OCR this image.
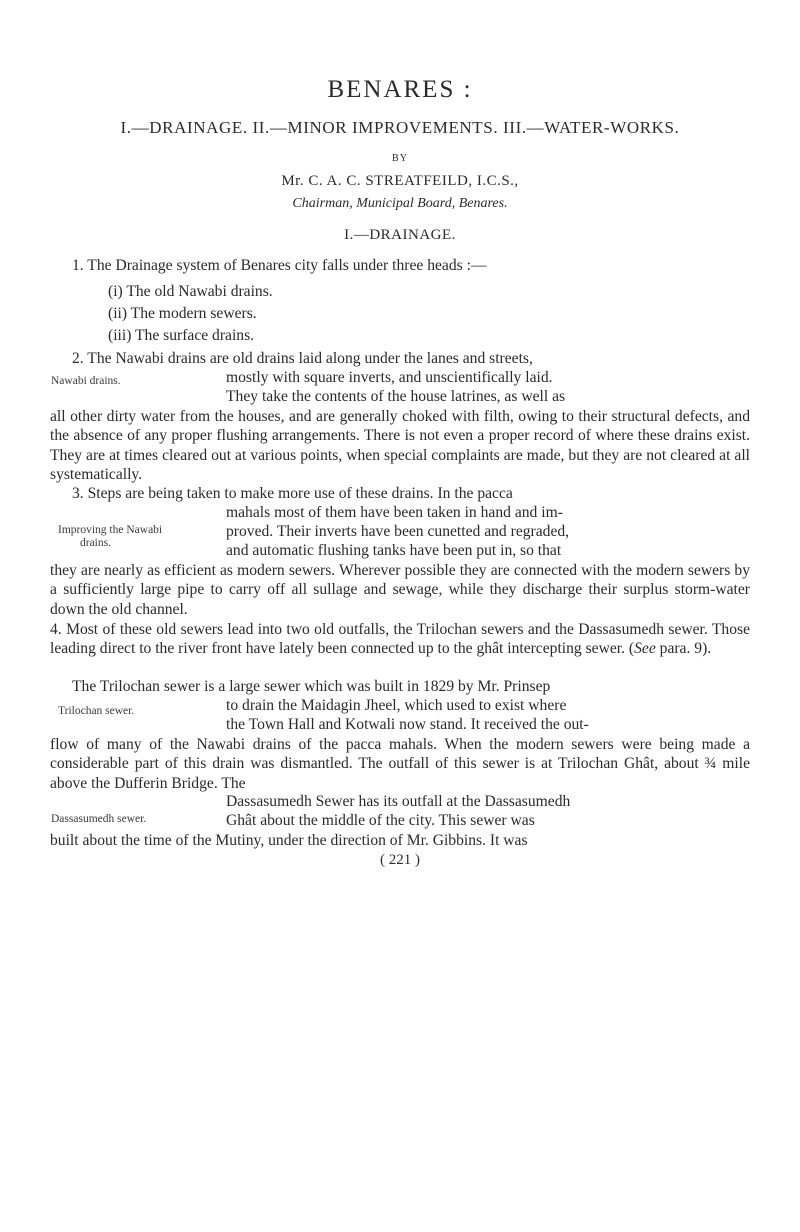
BENARES :
I.—DRAINAGE. II.—MINOR IMPROVEMENTS. III.—WATER-WORKS.
BY
Mr. C. A. C. STREATFEILD, I.C.S.,
Chairman, Municipal Board, Benares.
I.—DRAINAGE.
1. The Drainage system of Benares city falls under three heads :—
(i) The old Nawabi drains.
(ii) The modern sewers.
(iii) The surface drains.
2. The Nawabi drains are old drains laid along under the lanes and streets,
Nawabi drains.	mostly with square inverts, and unscientifically laid.
They take the contents of the house latrines, as well as
all other dirty water from the houses, and are generally choked with filth, owing to their structural defects, and the absence of any proper flushing arrangements. There is not even a proper record of where these drains exist. They are at times cleared out at various points, when special complaints are made, but they are not cleared at all systematically.
3. Steps are being taken to make more use of these drains. In the pacca
Improving the Nawabi
drains.
mahals most of them have been taken in hand and im-
proved. Their inverts have been cunetted and regraded,
and automatic flushing tanks have been put in, so that
they are nearly as efficient as modern sewers. Wherever possible they are connected with the modern sewers by a sufficiently large pipe to carry off all sullage and sewage, while they discharge their surplus storm-water down the old channel.
4. Most of these old sewers lead into two old outfalls, the Trilochan sewers and the Dassasumedh sewer. Those leading direct to the river front have lately been connected up to the ghât intercepting sewer. (See para. 9).
The Trilochan sewer is a large sewer which was built in 1829 by Mr. Prinsep
Trilochan sewer.	to drain the Maidagin Jheel, which used to exist where
the Town Hall and Kotwali now stand. It received the out-
flow of many of the Nawabi drains of the pacca mahals. When the modern sewers were being made a considerable part of this drain was dismantled. The outfall of this sewer is at Trilochan Ghât, about ¾ mile above the Dufferin Bridge. The
Dassasumedh sewer.
Dassasumedh Sewer has its outfall at the Dassasumedh
Ghât about the middle of the city. This sewer was
built about the time of the Mutiny, under the direction of Mr. Gibbins. It was
( 221 )
